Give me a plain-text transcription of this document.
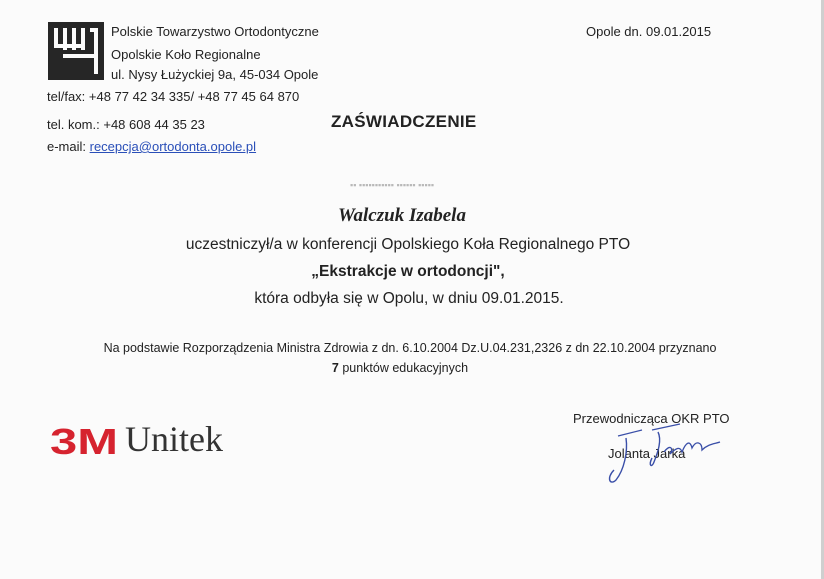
Polskie Towarzystwo Ortodontyczne
Opolskie Koło Regionalne
ul. Nysy Łużyckiej 9a, 45-034 Opole
tel/fax: +48 77 42 34 335/ +48 77 45 64 870
tel. kom.: +48 608 44 35 23
e-mail: recepcja@ortodonta.opole.pl
Opole dn. 09.01.2015
ZAŚWIADCZENIE
▪▪ ▪▪▪▪▪▪▪▪▪▪▪ ▪▪▪▪▪▪ ▪▪▪▪▪
Walczuk Izabela
uczestniczył/a w konferencji Opolskiego Koła Regionalnego PTO
„Ekstrakcje w ortodoncji",
która odbyła się w Opolu, w dniu 09.01.2015.
Na podstawie Rozporządzenia Ministra Zdrowia z dn. 6.10.2004 Dz.U.04.231,2326 z dn 22.10.2004 przyznano
7 punktów edukacyjnych
3M Unitek
Przewodnicząca OKR PTO
Jolanta Jarka
